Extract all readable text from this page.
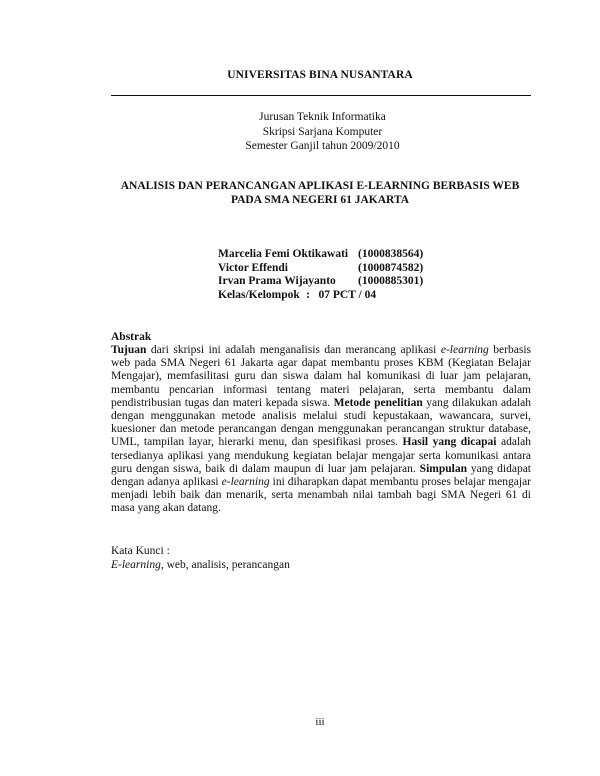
UNIVERSITAS BINA NUSANTARA
Jurusan Teknik Informatika
Skripsi Sarjana Komputer
Semester Ganjil tahun 2009/2010
ANALISIS DAN PERANCANGAN APLIKASI E-LEARNING BERBASIS WEB
PADA SMA NEGERI 61 JAKARTA
Marcelia Femi Oktikawati (1000838564)
Victor Effendi	(1000874582)
Irvan Prama Wijayanto (1000885301)
Kelas/Kelompok : 07 PCT / 04
Abstrak
Tujuan dari skripsi ini adalah menganalisis dan merancang aplikasi e-learning berbasis web pada SMA Negeri 61 Jakarta agar dapat membantu proses KBM (Kegiatan Belajar Mengajar), memfasilitasi guru dan siswa dalam hal komunikasi di luar jam pelajaran, membantu pencarian informasi tentang materi pelajaran, serta membantu dalam pendistribusian tugas dan materi kepada siswa. Metode penelitian yang dilakukan adalah dengan menggunakan metode analisis melalui studi kepustakaan, wawancara, survei, kuesioner dan metode perancangan dengan menggunakan perancangan struktur database, UML, tampilan layar, hierarki menu, dan spesifikasi proses. Hasil yang dicapai adalah tersedianya aplikasi yang mendukung kegiatan belajar mengajar serta komunikasi antara guru dengan siswa, baik di dalam maupun di luar jam pelajaran. Simpulan yang didapat dengan adanya aplikasi e-learning ini diharapkan dapat membantu proses belajar mengajar menjadi lebih baik dan menarik, serta menambah nilai tambah bagi SMA Negeri 61 di masa yang akan datang.
Kata Kunci :
E-learning, web, analisis, perancangan
iii
